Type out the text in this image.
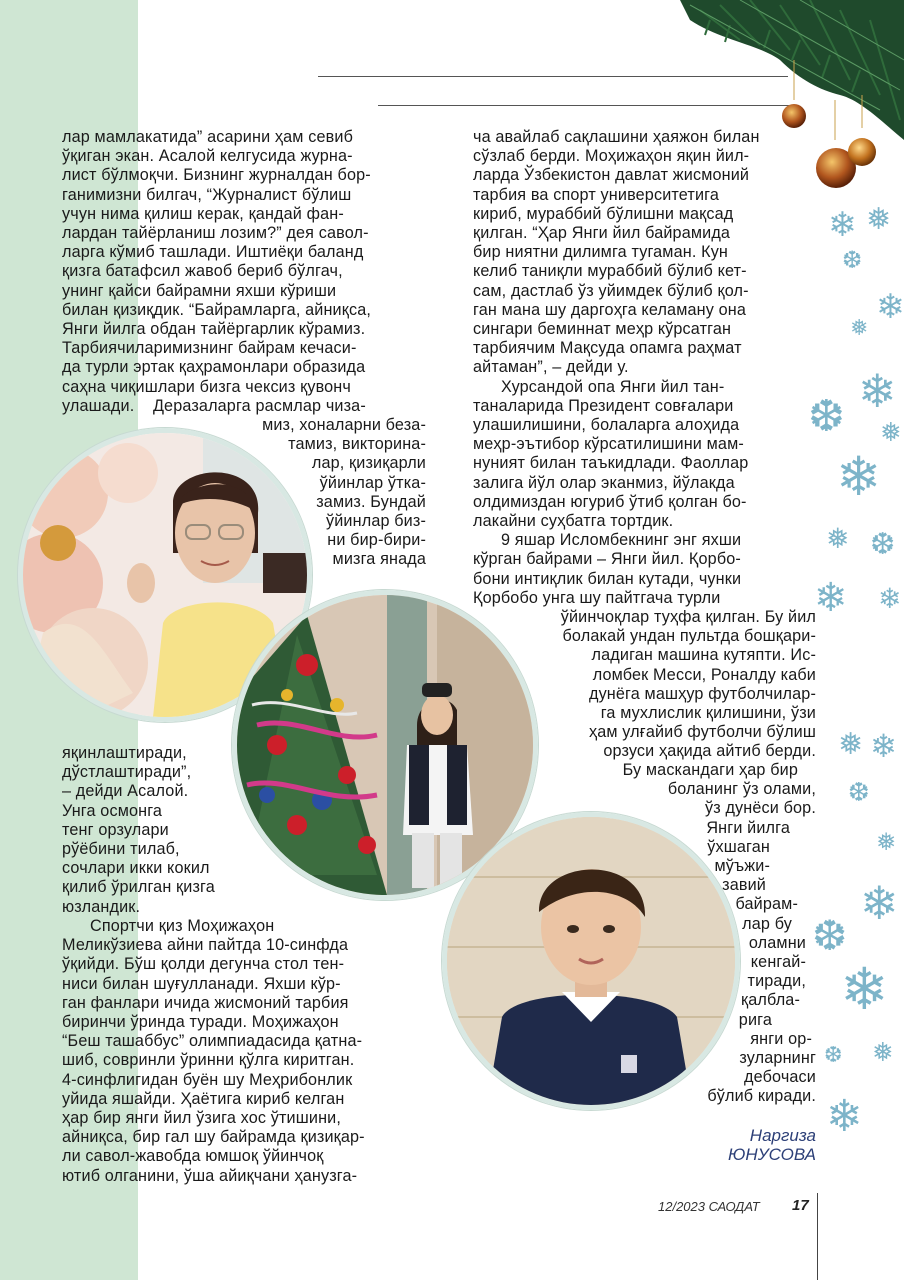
❄ ❅
❆
❄
❅
❄
❆
❄
❅
❅ ❆
❄ ❄
❅ ❄
❆
❅
❄
❆
❄
❅
❆
❄
лар мамлакатида” асарини ҳам севиб
ўқиган экан. Асалой келгусида журна-
лист бўлмоқчи. Бизнинг журналдан бор-
ганимизни билгач, “Журналист бўлиш
учун нима қилиш керак, қандай фан-
лардан тайёрланиш лозим?” дея савол-
ларга кўмиб ташлади. Иштиёқи баланд
қизга батафсил жавоб бериб бўлгач,
унинг қайси байрамни яхши кўриши
билан қизиқдик. “Байрамларга, айниқса,
Янги йилга обдан тайёргарлик кўрамиз.
Тарбиячиларимизнинг байрам кечаси-
да турли эртак қаҳрамонлари образида
саҳна чиқишлари бизга чексиз қувонч
улашади.    Деразаларга расмлар чиза-
миз, хоналарни беза-
тамиз, викторина-
лар, қизиқарли
ўйинлар ўтка-
замиз. Бундай
ўйинлар биз-
ни бир-бири-
мизга янада
яқинлаштиради,
дўстлаштиради”,
– дейди Асалой.
Унга осмонга
тенг орзулари
рўёбини тилаб,
сочлари икки кокил
қилиб ўрилган қизга
юзландик.
Спортчи қиз Моҳижаҳон
Меликўзиева айни пайтда 10-синфда
ўқийди. Бўш қолди дегунча стол тен-
ниси билан шуғулланади. Яхши кўр-
ган фанлари ичида жисмоний тарбия
биринчи ўринда туради. Моҳижаҳон
“Беш ташаббус” олимпиадасида қатна-
шиб, совринли ўринни қўлга киритган.
4-синфлигидан буён шу Меҳрибонлик
уйида яшайди. Ҳаётига кириб келган
ҳар бир янги йил ўзига хос ўтишини,
айниқса, бир гал шу байрамда қизиқар-
ли савол-жавобда юмшоқ ўйинчоқ
ютиб олганини, ўша айиқчани ҳанузга-
ча авайлаб сақлашини ҳаяжон билан
сўзлаб берди. Моҳижаҳон яқин йил-
ларда Ўзбекистон давлат жисмоний
тарбия ва спорт университетига
кириб, мураббий бўлишни мақсад
қилган. “Ҳар Янги йил байрамида
бир ниятни дилимга тугаман. Кун
келиб таниқли мураббий бўлиб кет-
сам, дастлаб ўз уйимдек бўлиб қол-
ган мана шу даргоҳга келаману она
сингари беминнат меҳр кўрсатган
тарбиячим Мақсуда опамга раҳмат
айтаман”, – дейди у.
Хурсандой опа Янги йил тан-
таналарида Президент совғалари
улашилишини, болаларга алоҳида
меҳр-эътибор кўрсатилишини мам-
нуният билан таъкидлади. Фаоллар
залига йўл олар эканмиз, йўлакда
олдимиздан югуриб ўтиб қолган бо-
лакайни суҳбатга тортдик.
9 яшар Исломбекнинг энг яхши
кўрган байрами – Янги йил. Қорбо-
бони интиқлик билан кутади, чунки
Қорбобо унга шу пайтгача турли
ўйинчоқлар туҳфа қилган. Бу йил
болакай ундан пультда бошқари-
ладиган машина кутяпти. Ис-
ломбек Месси, Роналду каби
дунёга машҳур футболчилар-
га мухлислик қилишини, ўзи
ҳам улғайиб футболчи бўлиш
орзуси ҳақида айтиб берди.
Бу маскандаги ҳар бир
боланинг ўз олами,
ўз дунёси бор.
Янги йилга
ўхшаган
мўъжи-
завий
байрам-
лар бу
оламни
кенгай-
тиради,
қалбла-
рига
янги ор-
зуларнинг
дебочаси
бўлиб киради.
Наргиза
ЮНУСОВА
12/2023 САОДАТ 17
